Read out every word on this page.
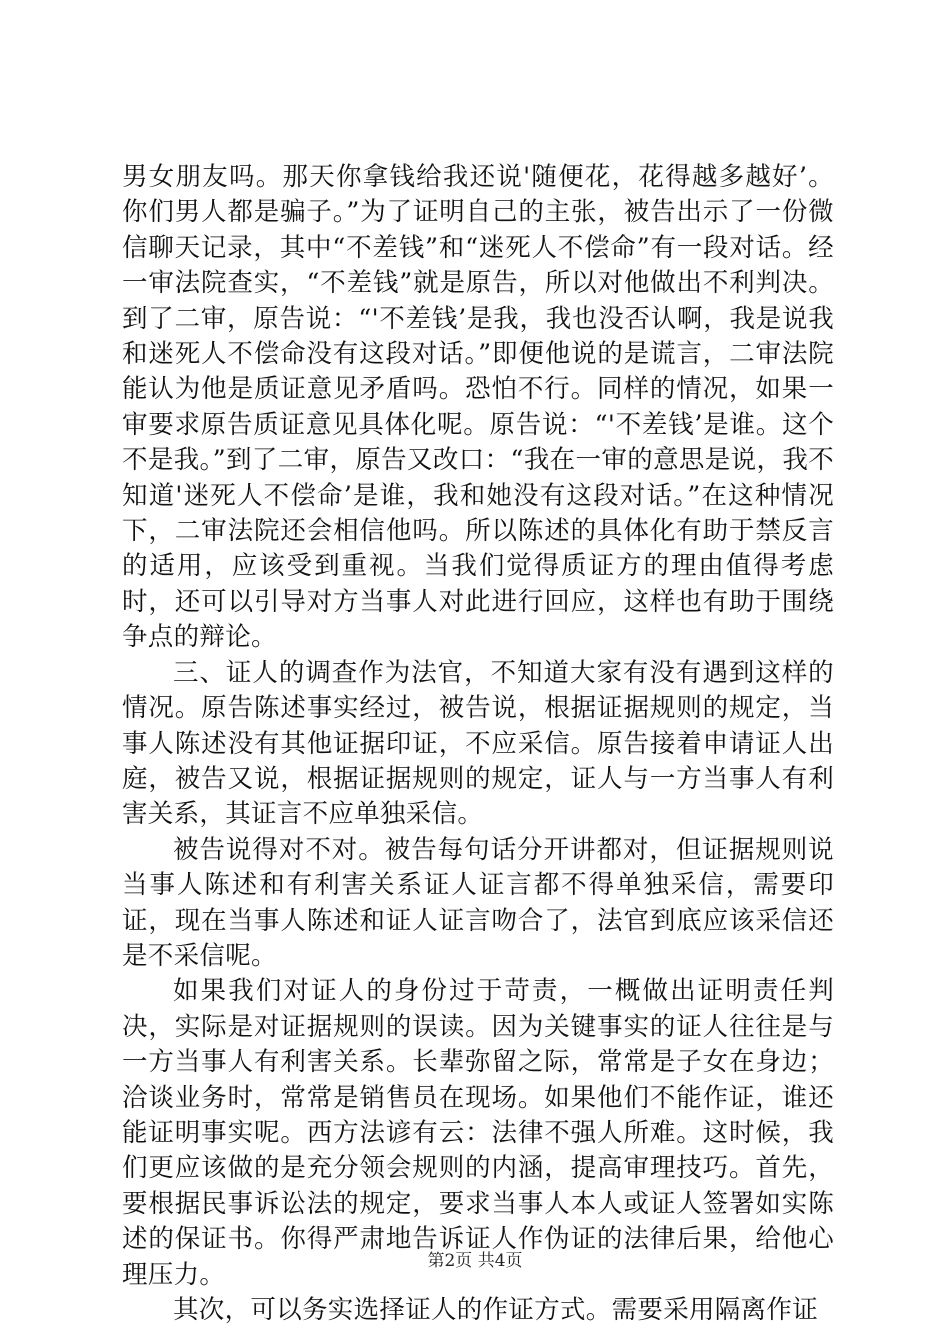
男女朋友吗。那天你拿钱给我还说'随便花，花得越多越好’。你们男人都是骗子。”为了证明自己的主张，被告出示了一份微信聊天记录，其中“不差钱”和“迷死人不偿命”有一段对话。经一审法院查实，“不差钱”就是原告，所以对他做出不利判决。到了二审，原告说：“'不差钱’是我，我也没否认啊，我是说我和迷死人不偿命没有这段对话。”即便他说的是谎言，二审法院能认为他是质证意见矛盾吗。恐怕不行。同样的情况，如果一审要求原告质证意见具体化呢。原告说：“'不差钱’是谁。这个不是我。”到了二审，原告又改口：“我在一审的意思是说，我不知道'迷死人不偿命’是谁，我和她没有这段对话。”在这种情况下，二审法院还会相信他吗。所以陈述的具体化有助于禁反言的适用，应该受到重视。当我们觉得质证方的理由值得考虑时，还可以引导对方当事人对此进行回应，这样也有助于围绕争点的辩论。

三、证人的调查作为法官，不知道大家有没有遇到这样的情况。原告陈述事实经过，被告说，根据证据规则的规定，当事人陈述没有其他证据印证，不应采信。原告接着申请证人出庭，被告又说，根据证据规则的规定，证人与一方当事人有利害关系，其证言不应单独采信。

被告说得对不对。被告每句话分开讲都对，但证据规则说当事人陈述和有利害关系证人证言都不得单独采信，需要印证，现在当事人陈述和证人证言吻合了，法官到底应该采信还是不采信呢。

如果我们对证人的身份过于苛责，一概做出证明责任判决，实际是对证据规则的误读。因为关键事实的证人往往是与一方当事人有利害关系。长辈弥留之际，常常是子女在身边；洽谈业务时，常常是销售员在现场。如果他们不能作证，谁还能证明事实呢。西方法谚有云：法律不强人所难。这时候，我们更应该做的是充分领会规则的内涵，提高审理技巧。首先，要根据民事诉讼法的规定，要求当事人本人或证人签署如实陈述的保证书。你得严肃地告诉证人作伪证的法律后果，给他心理压力。

其次，可以务实选择证人的作证方式。需要采用隔离作证

第2页 共4页
